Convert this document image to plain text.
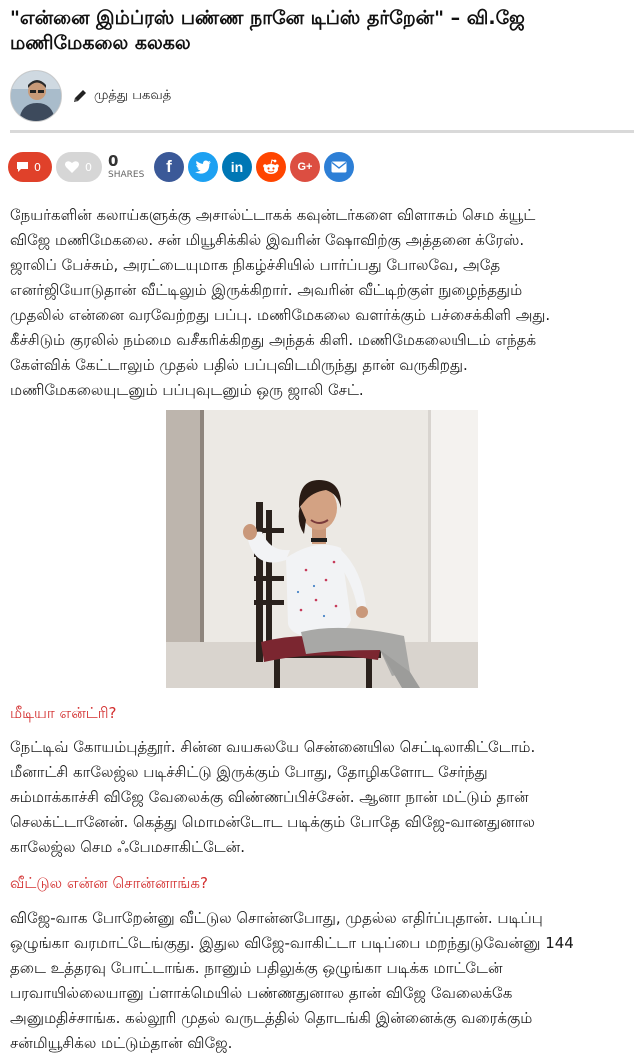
"என்னை இம்ப்ரஸ் பண்ண நானே டிப்ஸ் தர்றேன்" – வி.ஜே
மணிமேகலை கலகல
முத்து பகவத்
0	0 0
SHARES	f	in	G+

நேயர்களின் கலாய்களுக்கு அசால்ட்டாகக் கவுன்டர்களை விளாசும் செம க்யூட்
விஜே மணிமேகலை. சன் மியூசிக்கில் இவரின் ஷோவிற்கு அத்தனை க்ரேஸ்.
ஜாலிப் பேச்சும், அரட்டையுமாக நிகழ்ச்சியில் பார்ப்பது போலவே, அதே
எனர்ஜியோடுதான் வீட்டிலும் இருக்கிறார். அவரின் வீட்டிற்குள் நுழைந்ததும்
முதலில் என்னை வரவேற்றது பப்பு. மணிமேகலை வளர்க்கும் பச்சைக்கிளி அது.
கீச்சிடும் குரலில் நம்மை வசீகரிக்கிறது அந்தக் கிளி. மணிமேகலையிடம் எந்தக்
கேள்விக் கேட்டாலும் முதல் பதில் பப்புவிடமிருந்து தான் வருகிறது.
மணிமேகலையுடனும் பப்புவுடனும் ஒரு ஜாலி சேட்.

மீடியா என்ட்ரி?

நேட்டிவ் கோயம்புத்தூர். சின்ன வயசுலயே சென்னையில செட்டிலாகிட்டோம்.
மீனாட்சி காலேஜ்ல படிச்சிட்டு இருக்கும் போது, தோழிகளோட சேர்ந்து
சும்மாக்காச்சி விஜே வேலைக்கு விண்ணப்பிச்சேன். ஆனா நான் மட்டும் தான்
செலக்ட்டானேன். கெத்து மொமன்டோட படிக்கும் போதே விஜே-வானதுனால
காலேஜ்ல செம ஃபேமசாகிட்டேன்.

வீட்டுல என்ன சொன்னாங்க?

விஜே-வாக போறேன்னு வீட்டுல சொன்னபோது, முதல்ல எதிர்ப்புதான். படிப்பு
ஒழுங்கா வரமாட்டேங்குது. இதுல விஜே-வாகிட்டா படிப்பை மறந்துடுவேன்னு 144
தடை உத்தரவு போட்டாங்க. நானும் பதிலுக்கு ஒழுங்கா படிக்க மாட்டேன்
பரவாயில்லையானு ப்ளாக்மெயில் பண்ணதுனால தான் விஜே வேலைக்கே
அனுமதிச்சாங்க. கல்லூரி முதல் வருடத்தில் தொடங்கி இன்னைக்கு வரைக்கும்
சன்மியூசிக்ல மட்டும்தான் விஜே.
